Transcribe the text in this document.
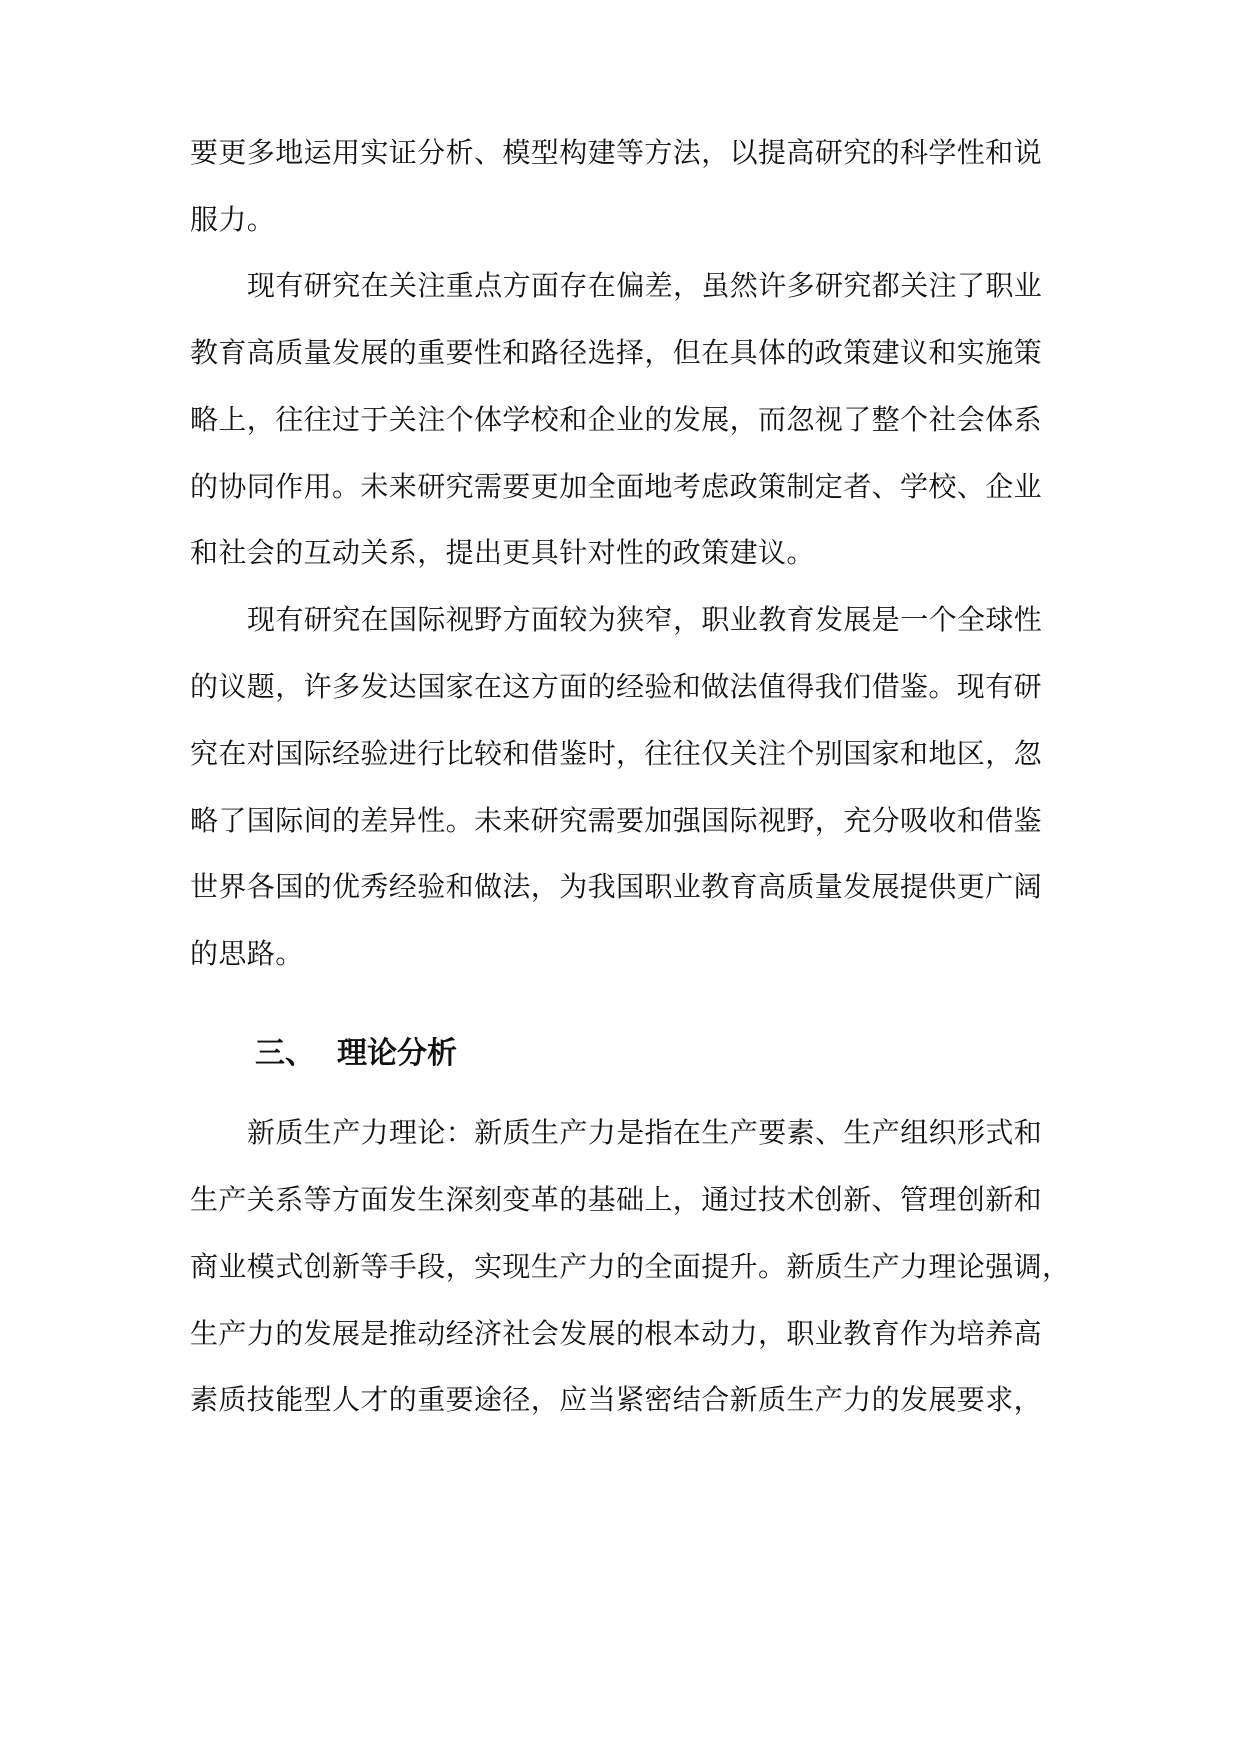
要更多地运用实证分析、模型构建等方法，以提高研究的科学性和说
服力。
现有研究在关注重点方面存在偏差，虽然许多研究都关注了职业
教育高质量发展的重要性和路径选择，但在具体的政策建议和实施策
略上，往往过于关注个体学校和企业的发展，而忽视了整个社会体系
的协同作用。未来研究需要更加全面地考虑政策制定者、学校、企业
和社会的互动关系，提出更具针对性的政策建议。
现有研究在国际视野方面较为狭窄，职业教育发展是一个全球性
的议题，许多发达国家在这方面的经验和做法值得我们借鉴。现有研
究在对国际经验进行比较和借鉴时，往往仅关注个别国家和地区，忽
略了国际间的差异性。未来研究需要加强国际视野，充分吸收和借鉴
世界各国的优秀经验和做法，为我国职业教育高质量发展提供更广阔
的思路。
三、 理论分析
新质生产力理论：新质生产力是指在生产要素、生产组织形式和
生产关系等方面发生深刻变革的基础上，通过技术创新、管理创新和
商业模式创新等手段，实现生产力的全面提升。新质生产力理论强调，
生产力的发展是推动经济社会发展的根本动力，职业教育作为培养高
素质技能型人才的重要途径，应当紧密结合新质生产力的发展要求，
